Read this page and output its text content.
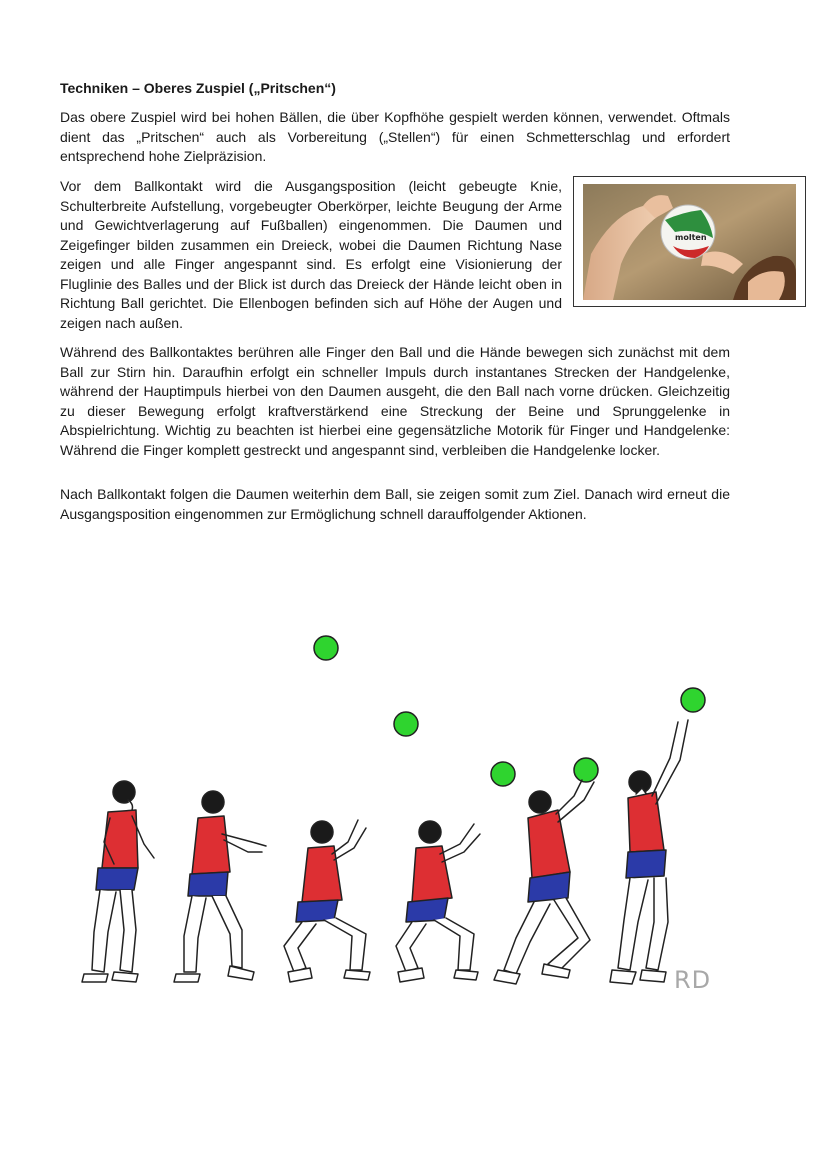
Techniken – Oberes Zuspiel („Pritschen“)

Das obere Zuspiel wird bei hohen Bällen, die über Kopfhöhe gespielt werden können, verwendet. Oftmals dient das „Pritschen“ auch als Vorbereitung („Stellen“) für einen Schmetterschlag und erfordert entsprechend hohe Zielpräzision.

Vor dem Ballkontakt wird die Ausgangsposition (leicht gebeugte Knie, Schulterbreite Aufstellung, vorgebeugter Oberkörper, leichte Beugung der Arme und Gewichtverlagerung auf Fußballen) eingenommen. Die Daumen und Zeigefinger bilden zusammen ein Dreieck, wobei die Daumen Richtung Nase zeigen und alle Finger angespannt sind. Es erfolgt eine Visionierung der Fluglinie des Balles und der Blick ist durch das Dreieck der Hände leicht oben in Richtung Ball gerichtet. Die Ellenbogen befinden sich auf Höhe der Augen und zeigen nach außen.

molten

Während des Ballkontaktes berühren alle Finger den Ball und die Hände bewegen sich zunächst mit dem Ball zur Stirn hin. Daraufhin erfolgt ein schneller Impuls durch instantanes Strecken der Handgelenke, während der Hauptimpuls hierbei von den Daumen ausgeht, die den Ball nach vorne drücken. Gleichzeitig zu dieser Bewegung erfolgt kraftverstärkend eine Streckung der Beine und Sprunggelenke in Abspielrichtung. Wichtig zu beachten ist hierbei eine gegensätzliche Motorik für Finger und Handgelenke: Während die Finger komplett gestreckt und angespannt sind, verbleiben die Handgelenke locker.

Nach Ballkontakt folgen die Daumen weiterhin dem Ball, sie zeigen somit zum Ziel. Danach wird erneut die Ausgangsposition eingenommen zur Ermöglichung schnell darauffolgender Aktionen.

RD
